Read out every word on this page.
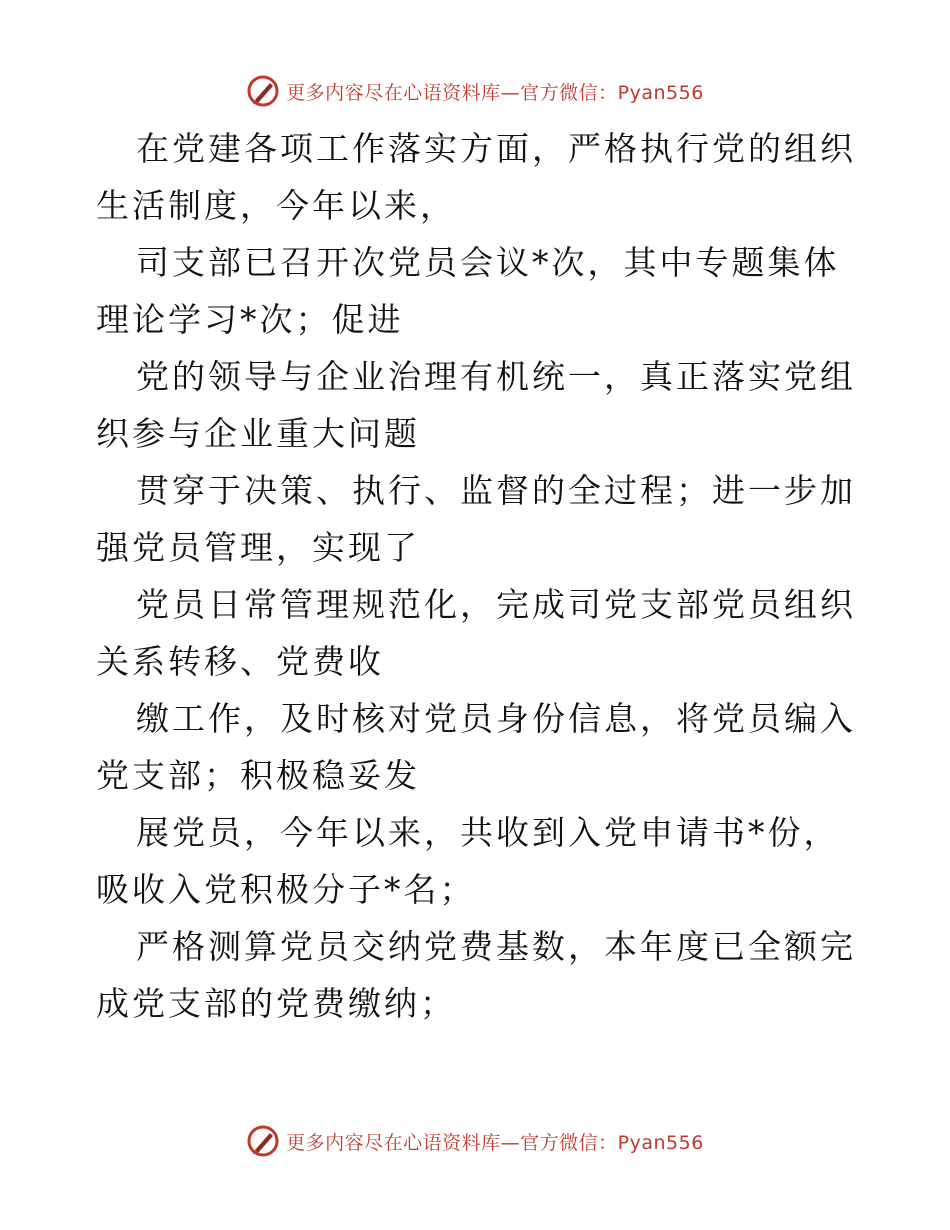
更多内容尽在心语资料库—官方微信：Pyan556

在党建各项工作落实方面，严格执行党的组织生活制度，今年以来，

司支部已召开次党员会议*次，其中专题集体理论学习*次；促进

党的领导与企业治理有机统一，真正落实党组织参与企业重大问题

贯穿于决策、执行、监督的全过程；进一步加强党员管理，实现了

党员日常管理规范化，完成司党支部党员组织关系转移、党费收

缴工作，及时核对党员身份信息，将党员编入党支部；积极稳妥发

展党员，今年以来，共收到入党申请书*份，吸收入党积极分子*名；

严格测算党员交纳党费基数，本年度已全额完成党支部的党费缴纳；

更多内容尽在心语资料库—官方微信：Pyan556
